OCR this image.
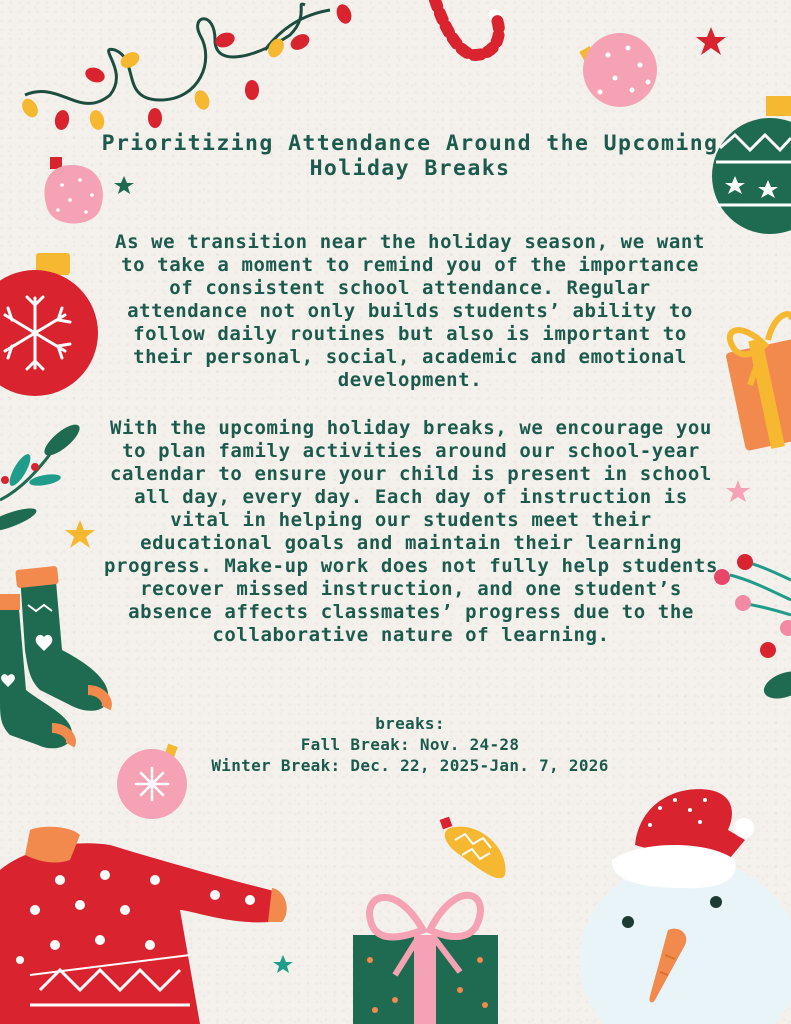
Prioritizing Attendance Around the Upcoming Holiday Breaks

As we transition near the holiday season, we want to take a moment to remind you of the importance of consistent school attendance. Regular attendance not only builds students’ ability to follow daily routines but also is important to their personal, social, academic and emotional development.

With the upcoming holiday breaks, we encourage you to plan family activities around our school-year calendar to ensure your child is present in school all day, every day. Each day of instruction is vital in helping our students meet their educational goals and maintain their learning progress. Make-up work does not fully help students recover missed instruction, and one student’s absence affects classmates’ progress due to the collaborative nature of learning.

breaks:
Fall Break: Nov. 24-28
Winter Break: Dec. 22, 2025-Jan. 7, 2026
